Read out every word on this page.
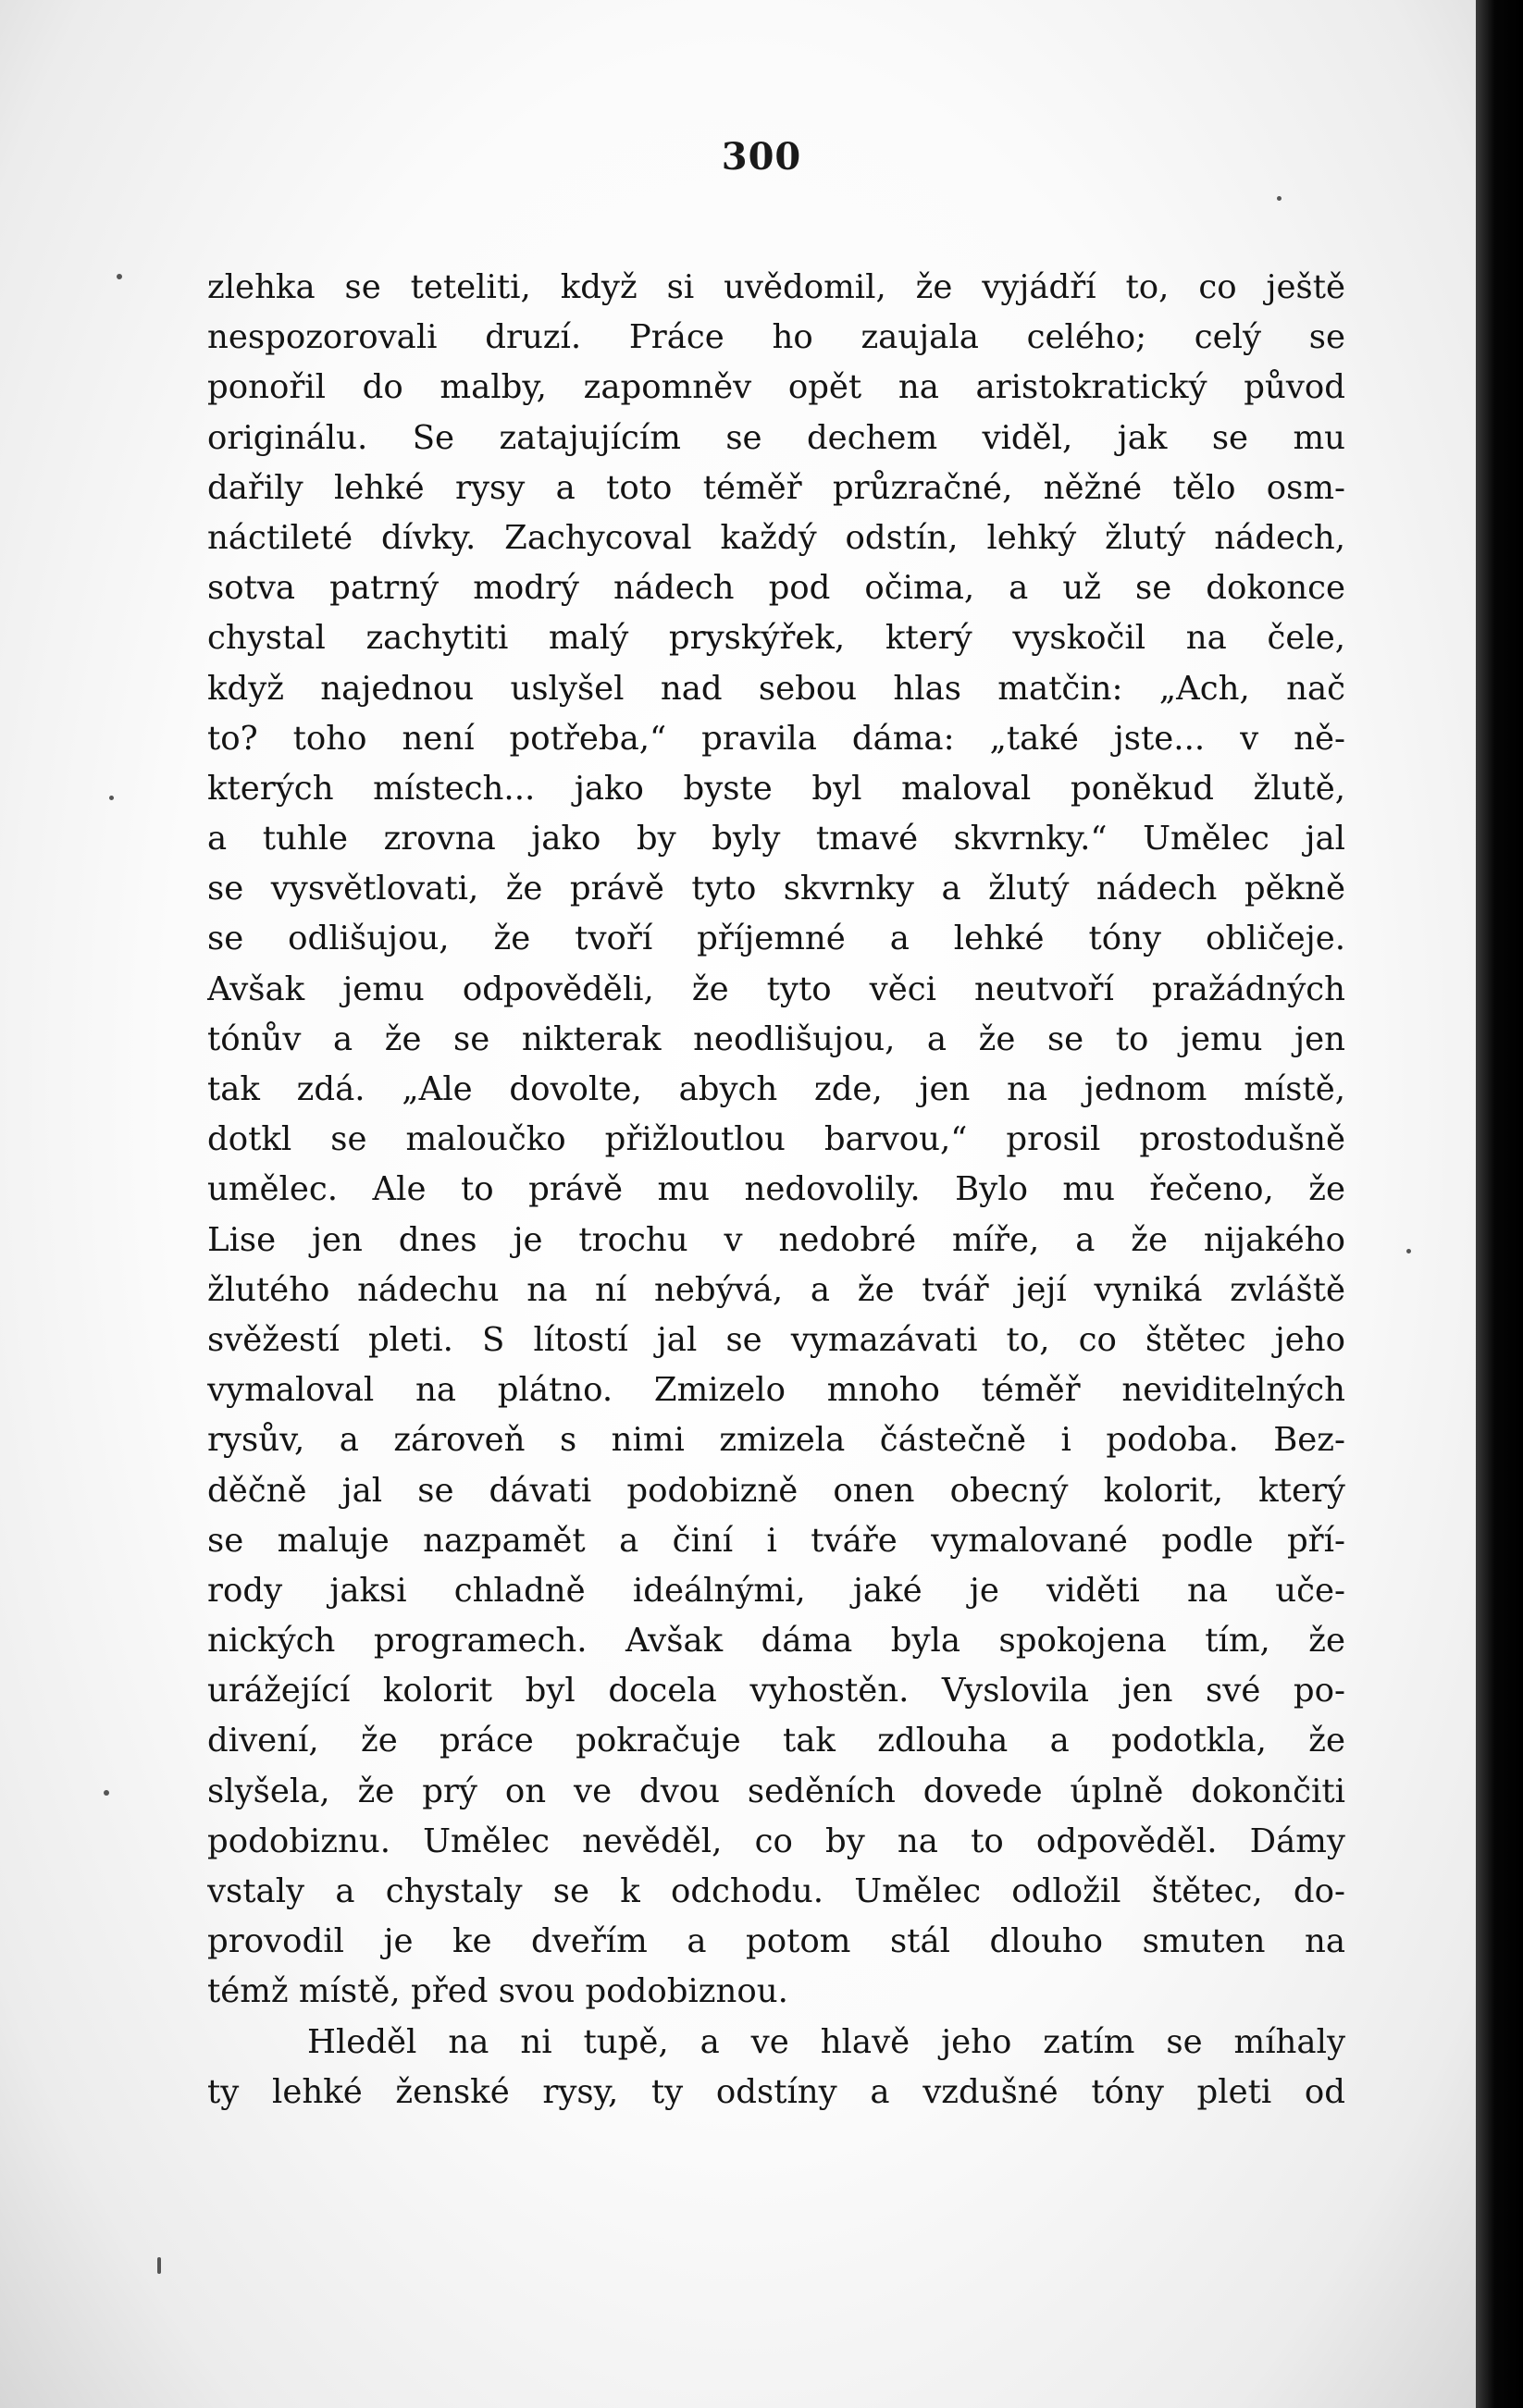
300
zlehka se teteliti, když si uvědomil, že vyjádří to, co ještě
nespozorovali druzí. Práce ho zaujala celého; celý se
ponořil do malby, zapomněv opět na aristokratický původ
originálu. Se zatajujícím se dechem viděl, jak se mu
dařily lehké rysy a toto téměř průzračné, něžné tělo osm-
náctileté dívky. Zachycoval každý odstín, lehký žlutý nádech,
sotva patrný modrý nádech pod očima, a už se dokonce
chystal zachytiti malý pryskýřek, který vyskočil na čele,
když najednou uslyšel nad sebou hlas matčin: „Ach, nač
to? toho není potřeba,“ pravila dáma: „také jste... v ně-
kterých místech... jako byste byl maloval poněkud žlutě,
a tuhle zrovna jako by byly tmavé skvrnky.“ Umělec jal
se vysvětlovati, že právě tyto skvrnky a žlutý nádech pěkně
se odlišujou, že tvoří příjemné a lehké tóny obličeje.
Avšak jemu odpověděli, že tyto věci neutvoří pražádných
tónův a že se nikterak neodlišujou, a že se to jemu jen
tak zdá. „Ale dovolte, abych zde, jen na jednom místě,
dotkl se maloučko přižloutlou barvou,“ prosil prostodušně
umělec. Ale to právě mu nedovolily. Bylo mu řečeno, že
Lise jen dnes je trochu v nedobré míře, a že nijakého
žlutého nádechu na ní nebývá, a že tvář její vyniká zvláště
svěžestí pleti. S lítostí jal se vymazávati to, co štětec jeho
vymaloval na plátno. Zmizelo mnoho téměř neviditelných
rysův, a zároveň s nimi zmizela částečně i podoba. Bez-
děčně jal se dávati podobizně onen obecný kolorit, který
se maluje nazpamět a činí i tváře vymalované podle pří-
rody jaksi chladně ideálnými, jaké je viděti na uče-
nických programech. Avšak dáma byla spokojena tím, že
urážející kolorit byl docela vyhostěn. Vyslovila jen své po-
divení, že práce pokračuje tak zdlouha a podotkla, že
slyšela, že prý on ve dvou seděních dovede úplně dokončiti
podobiznu. Umělec nevěděl, co by na to odpověděl. Dámy
vstaly a chystaly se k odchodu. Umělec odložil štětec, do-
provodil je ke dveřím a potom stál dlouho smuten na
témž místě, před svou podobiznou.
Hleděl na ni tupě, a ve hlavě jeho zatím se míhaly
ty lehké ženské rysy, ty odstíny a vzdušné tóny pleti od
